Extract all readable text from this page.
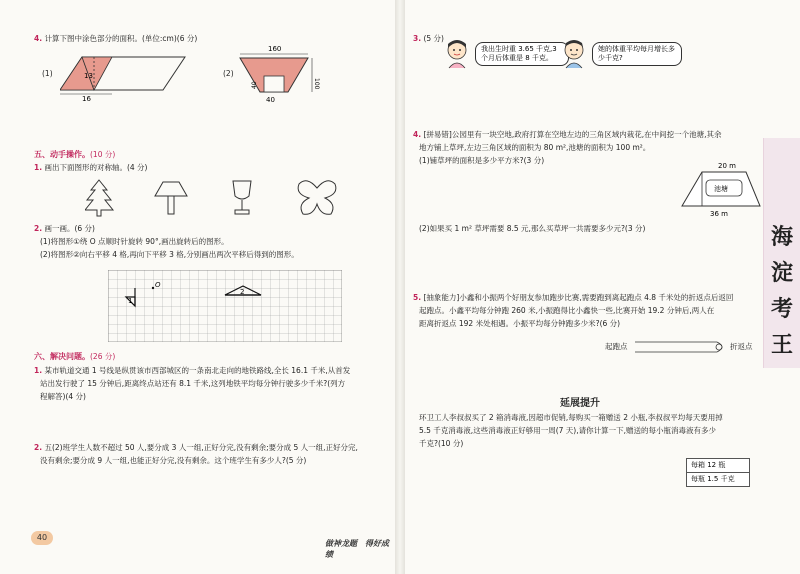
4. 计算下图中涂色部分的面积。(单位:cm)(6 分)
(1)	13
16
(2)
160
40
40
100
五、动手操作。(10 分)
1. 画出下面图形的对称轴。(4 分)
2. 画一画。(6 分)
(1)将图形①绕 O 点顺时针旋转 90°,画出旋转后的图形。
(2)将图形②向右平移 4 格,再向下平移 3 格,分别画出两次平移后得到的图形。
1
O
2
六、解决问题。(26 分)
1. 某市轨道交通 1 号线是纵贯该市西部城区的一条南北走向的地铁路线,全长 16.1 千米,从首发
站出发行驶了 15 分钟后,距离终点站还有 8.1 千米,这列地铁平均每分钟行驶多少千米?(列方
程解答)(4 分)
2. 五(2)班学生人数不超过 50 人,要分成 3 人一组,正好分完,没有剩余;要分成 5 人一组,正好分完,
没有剩余;要分成 9 人一组,也能正好分完,没有剩余。这个班学生有多少人?(5 分)
40
做神龙题　得好成绩
3. (5 分)
我出生时重 3.65 千克,3 个月后体重是 8 千克。
她的体重平均每月增长多少千克?
4. [拼易错]公园里有一块空地,政府打算在空地左边的三角区域内栽花,在中间挖一个池塘,其余
地方铺上草坪,左边三角区域的面积为 80 m²,池塘的面积为 100 m²。
(1)铺草坪的面积是多少平方米?(3 分)
20 m
池塘
36 m
(2)如果买 1 m² 草坪需要 8.5 元,那么买草坪一共需要多少元?(3 分)
5. [抽象能力]小鑫和小振两个好朋友参加跑步比赛,需要跑到离起跑点 4.8 千米处的折返点后返回
起跑点。小鑫平均每分钟跑 260 米,小振跑得比小鑫快一些,比赛开始 19.2 分钟后,两人在
距离折返点 192 米处相遇。小振平均每分钟跑多少米?(6 分)
起跑点	折返点
延展提升
环卫工人李叔叔买了 2 箱消毒液,因超市促销,每购买一箱赠送 2 小瓶,李叔叔平均每天要用掉
5.5 千克消毒液,这些消毒液正好够用一周(7 天),请你计算一下,赠送的每小瓶消毒液有多少
千克?(10 分)
每箱 12 瓶
每瓶 1.5 千克
海
淀
考
王
